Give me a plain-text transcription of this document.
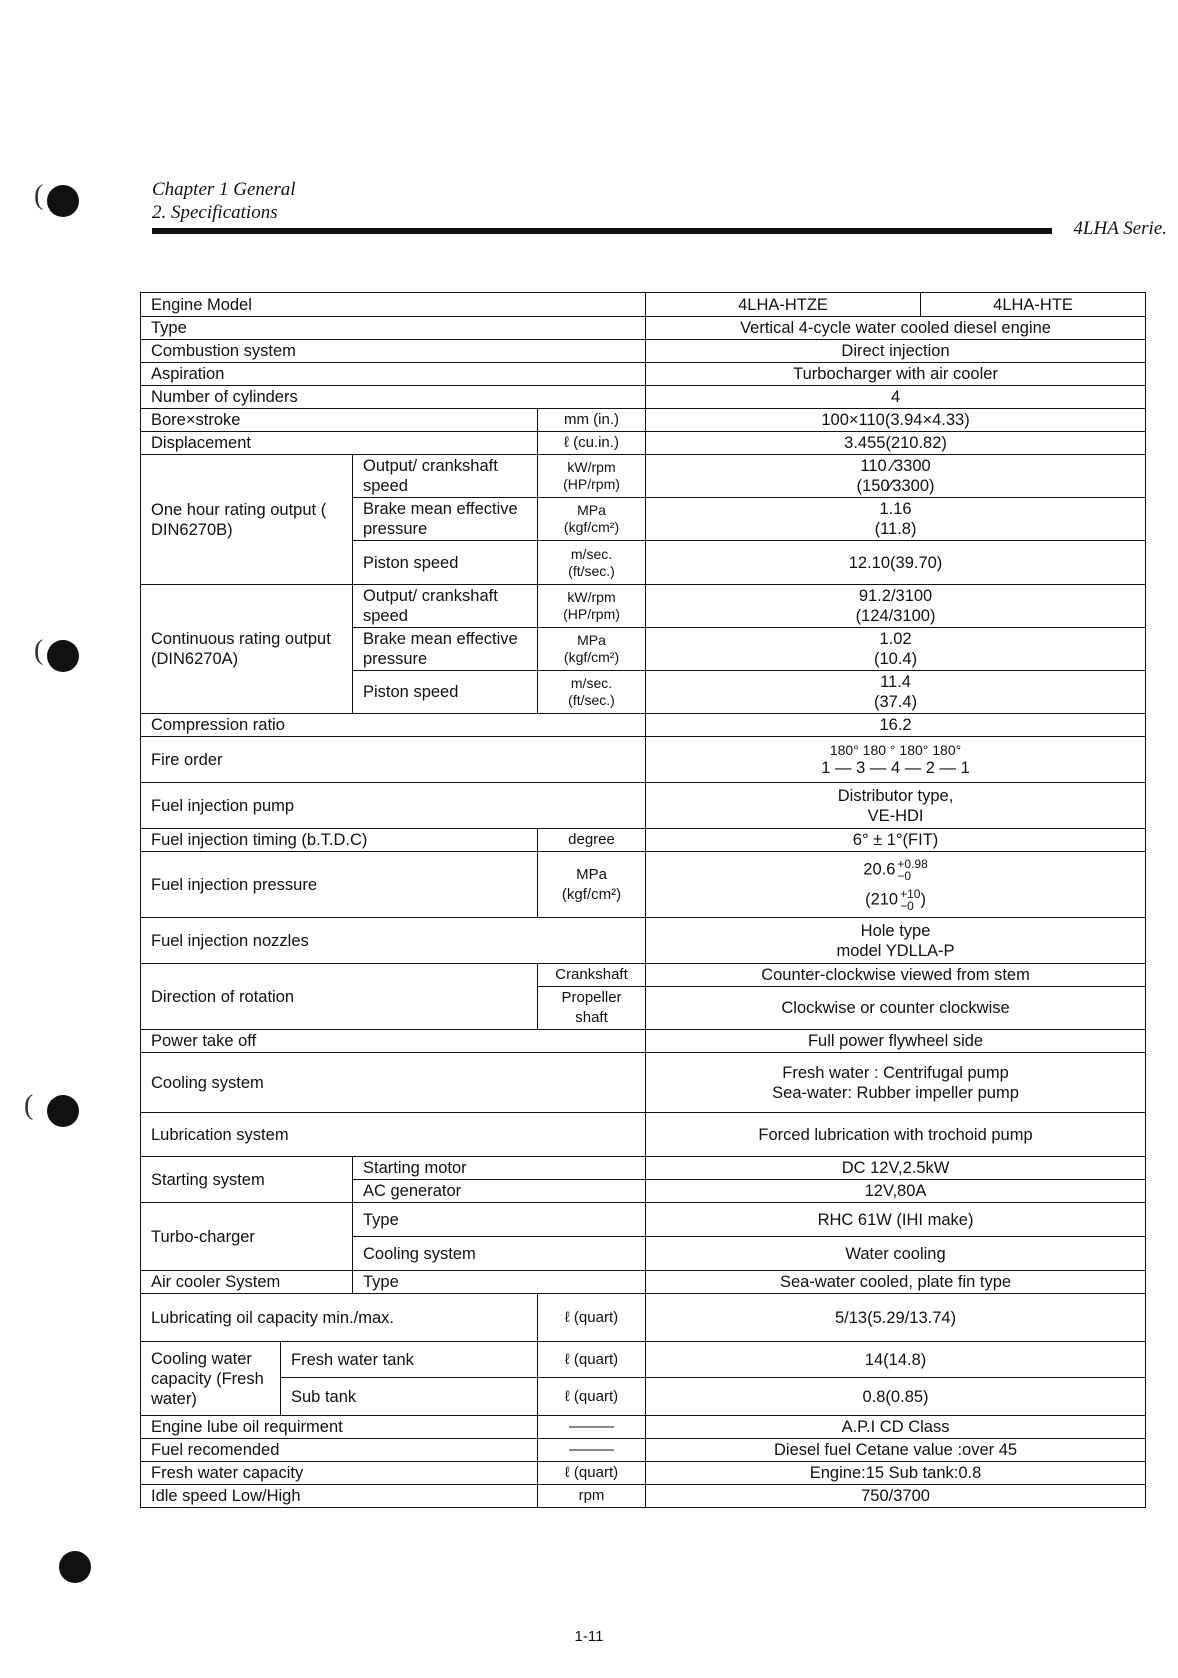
(
(
(
Chapter 1 General
2. Specifications
4LHA Serie.
Engine Model				4LHA-HTZE	4LHA-HTE
Type				Vertical 4-cycle water cooled diesel engine	
Combustion system				Direct injection	
Aspiration				Turbocharger with air cooler	
Number of cylinders				4	
Bore×stroke			mm (in.)	100×110(3.94×4.33)	
Displacement			ℓ (cu.in.)	3.455(210.82)	
One hour rating output ( DIN6270B)		Output/ crankshaft speed	kW/rpm (HP/rpm)	110 ⁄3300
(150⁄3300)	

		Brake mean effective pressure	MPa (kgf/cm²)	1.16
(11.8)	

		Piston speed	m/sec. (ft/sec.)	12.10(39.70)	
Continuous rating output (DIN6270A)		Output/ crankshaft speed	kW/rpm (HP/rpm)	91.2/3100
(124/3100)	

		Brake mean effective pressure	MPa (kgf/cm²)	1.02
(10.4)	

		Piston speed	m/sec. (ft/sec.)	11.4
(37.4)	

Compression ratio				16.2	
Fire order				180° 180 ° 180° 180°
1 — 3 — 4 — 2 — 1	

Fuel injection pump				Distributor type,
VE-HDI	

Fuel injection timing (b.T.D.C)			degree	6° ± 1°(FIT)	
Fuel injection pressure			MPa (kgf/cm²)	20.6 +0.98
−0
(210 +10
−0 )	

Fuel injection nozzles				Hole type
model YDLLA-P	

Direction of rotation			Crankshaft	Counter-clockwise viewed from stem	
			Propeller shaft	Clockwise or counter clockwise	
Power take off				Full power flywheel side	
Cooling system				Fresh water : Centrifugal pump
Sea-water: Rubber impeller pump	

Lubrication system				Forced lubrication with trochoid pump	
Starting system		Starting motor		DC 12V,2.5kW	
		AC generator		12V,80A	
Turbo-charger		Type		RHC 61W (IHI make)	
		Cooling system		Water cooling	
Air cooler System		Type		Sea-water cooled, plate fin type	
Lubricating oil capacity min./max.			ℓ (quart)	5/13(5.29/13.74)	
Cooling water capacity (Fresh water)	Fresh water tank		ℓ (quart)	14(14.8)	
	Sub tank		ℓ (quart)	0.8(0.85)	
Engine lube oil requirment			———	A.P.I CD Class	
Fuel recomended			———	Diesel fuel Cetane value :over 45	
Fresh water capacity			ℓ (quart)	Engine:15 Sub tank:0.8	
Idle speed Low/High			rpm	750/3700	
1-11
